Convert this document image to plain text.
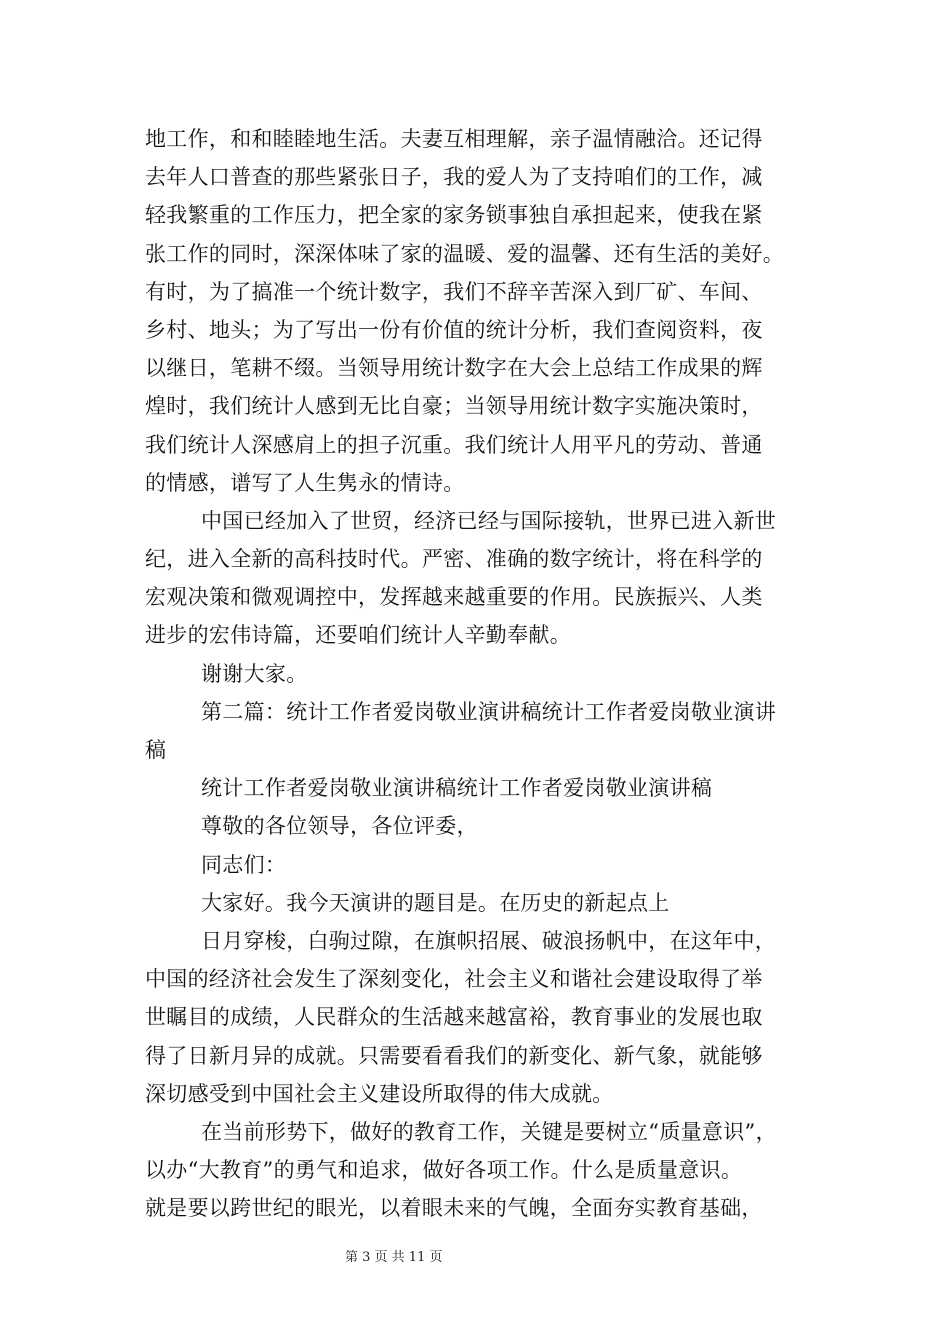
地工作，和和睦睦地生活。夫妻互相理解，亲子温情融洽。还记得
去年人口普查的那些紧张日子，我的爱人为了支持咱们的工作，减
轻我繁重的工作压力，把全家的家务锁事独自承担起来，使我在紧
张工作的同时，深深体味了家的温暖、爱的温馨、还有生活的美好。
有时，为了搞准一个统计数字，我们不辞辛苦深入到厂矿、车间、
乡村、地头；为了写出一份有价值的统计分析，我们查阅资料，夜
以继日，笔耕不缀。当领导用统计数字在大会上总结工作成果的辉
煌时，我们统计人感到无比自豪；当领导用统计数字实施决策时，
我们统计人深感肩上的担子沉重。我们统计人用平凡的劳动、普通
的情感，谱写了人生隽永的情诗。
中国已经加入了世贸，经济已经与国际接轨，世界已进入新世
纪，进入全新的高科技时代。严密、准确的数字统计，将在科学的
宏观决策和微观调控中，发挥越来越重要的作用。民族振兴、人类
进步的宏伟诗篇，还要咱们统计人辛勤奉献。
谢谢大家。
第二篇：统计工作者爱岗敬业演讲稿统计工作者爱岗敬业演讲
稿
统计工作者爱岗敬业演讲稿统计工作者爱岗敬业演讲稿
尊敬的各位领导，各位评委，
同志们：
大家好。我今天演讲的题目是。在历史的新起点上
日月穿梭，白驹过隙，在旗帜招展、破浪扬帆中，在这年中，
中国的经济社会发生了深刻变化，社会主义和谐社会建设取得了举
世瞩目的成绩，人民群众的生活越来越富裕，教育事业的发展也取
得了日新月异的成就。只需要看看我们的新变化、新气象，就能够
深切感受到中国社会主义建设所取得的伟大成就。
在当前形势下，做好的教育工作，关键是要树立“质量意识”，
以办“大教育”的勇气和追求，做好各项工作。什么是质量意识。
就是要以跨世纪的眼光，以着眼未来的气魄，全面夯实教育基础，
第 3 页 共 11 页
